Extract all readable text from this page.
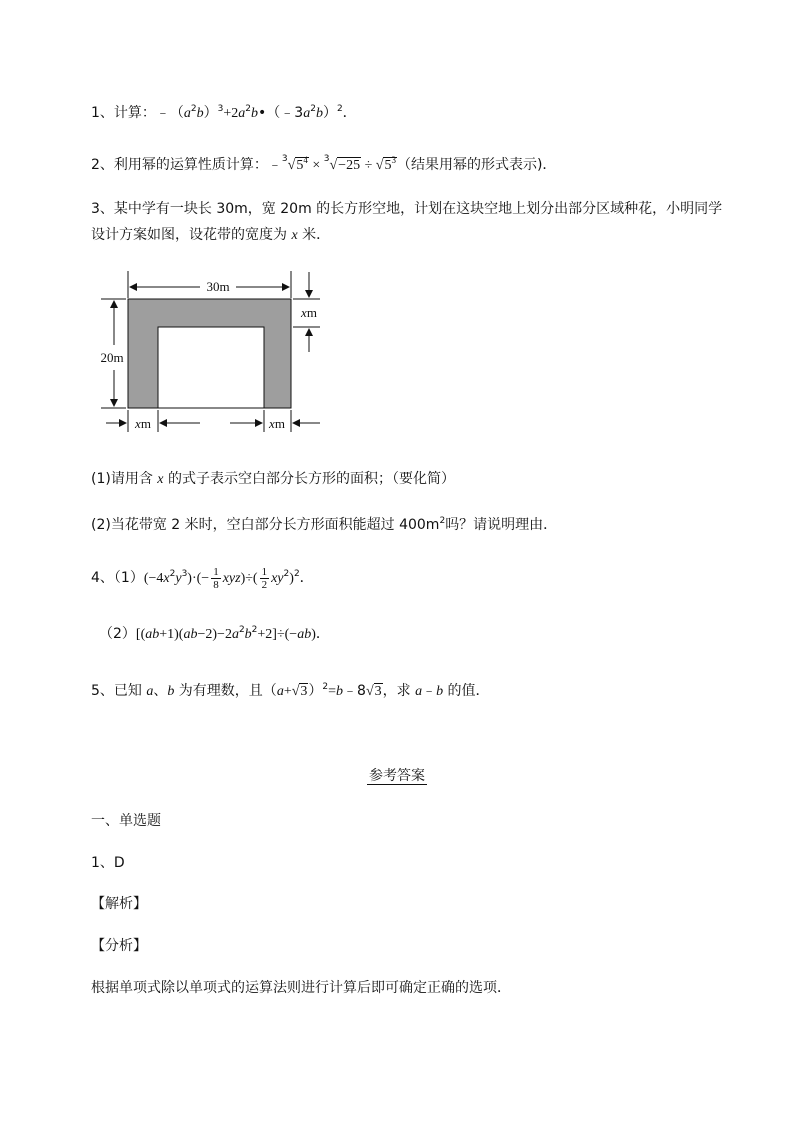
1、计算：$﹣(a^2b)^3+2a^2b•(﹣3a^2b)^2$．
2、利用幂的运算性质计算：$﹣^3√5^4 \times ^3√-25 \div √5^3$（结果用幂的形式表示)．
3、某中学有一块长 30m，宽 20m 的长方形空地，计划在这块空地上划分出部分区域种花，小明同学
设计方案如图，设花带的宽度为 x 米．
30m
20m
xm
xm	xm
(1)请用含 x 的式子表示空白部分长方形的面积；（要化简）
(2)当花带宽 2 米时，空白部分长方形面积能超过 $400m^2$吗？请说明理由．
4、$(1)(-4x^2y^3)\cdot(- \frac{1}{8} xyz)\div( \frac{1}{2} xy^2)^2$．
$(2)[(ab+1)(ab-2)-2a^2b^2+2]\div(-ab)$．
5、已知 a、b 为有理数，且$(a+√3)^2=b﹣8√3$，求 a﹣b 的值．
参考答案
一、单选题
1、D
【解析】
【分析】
根据单项式除以单项式的运算法则进行计算后即可确定正确的选项．
